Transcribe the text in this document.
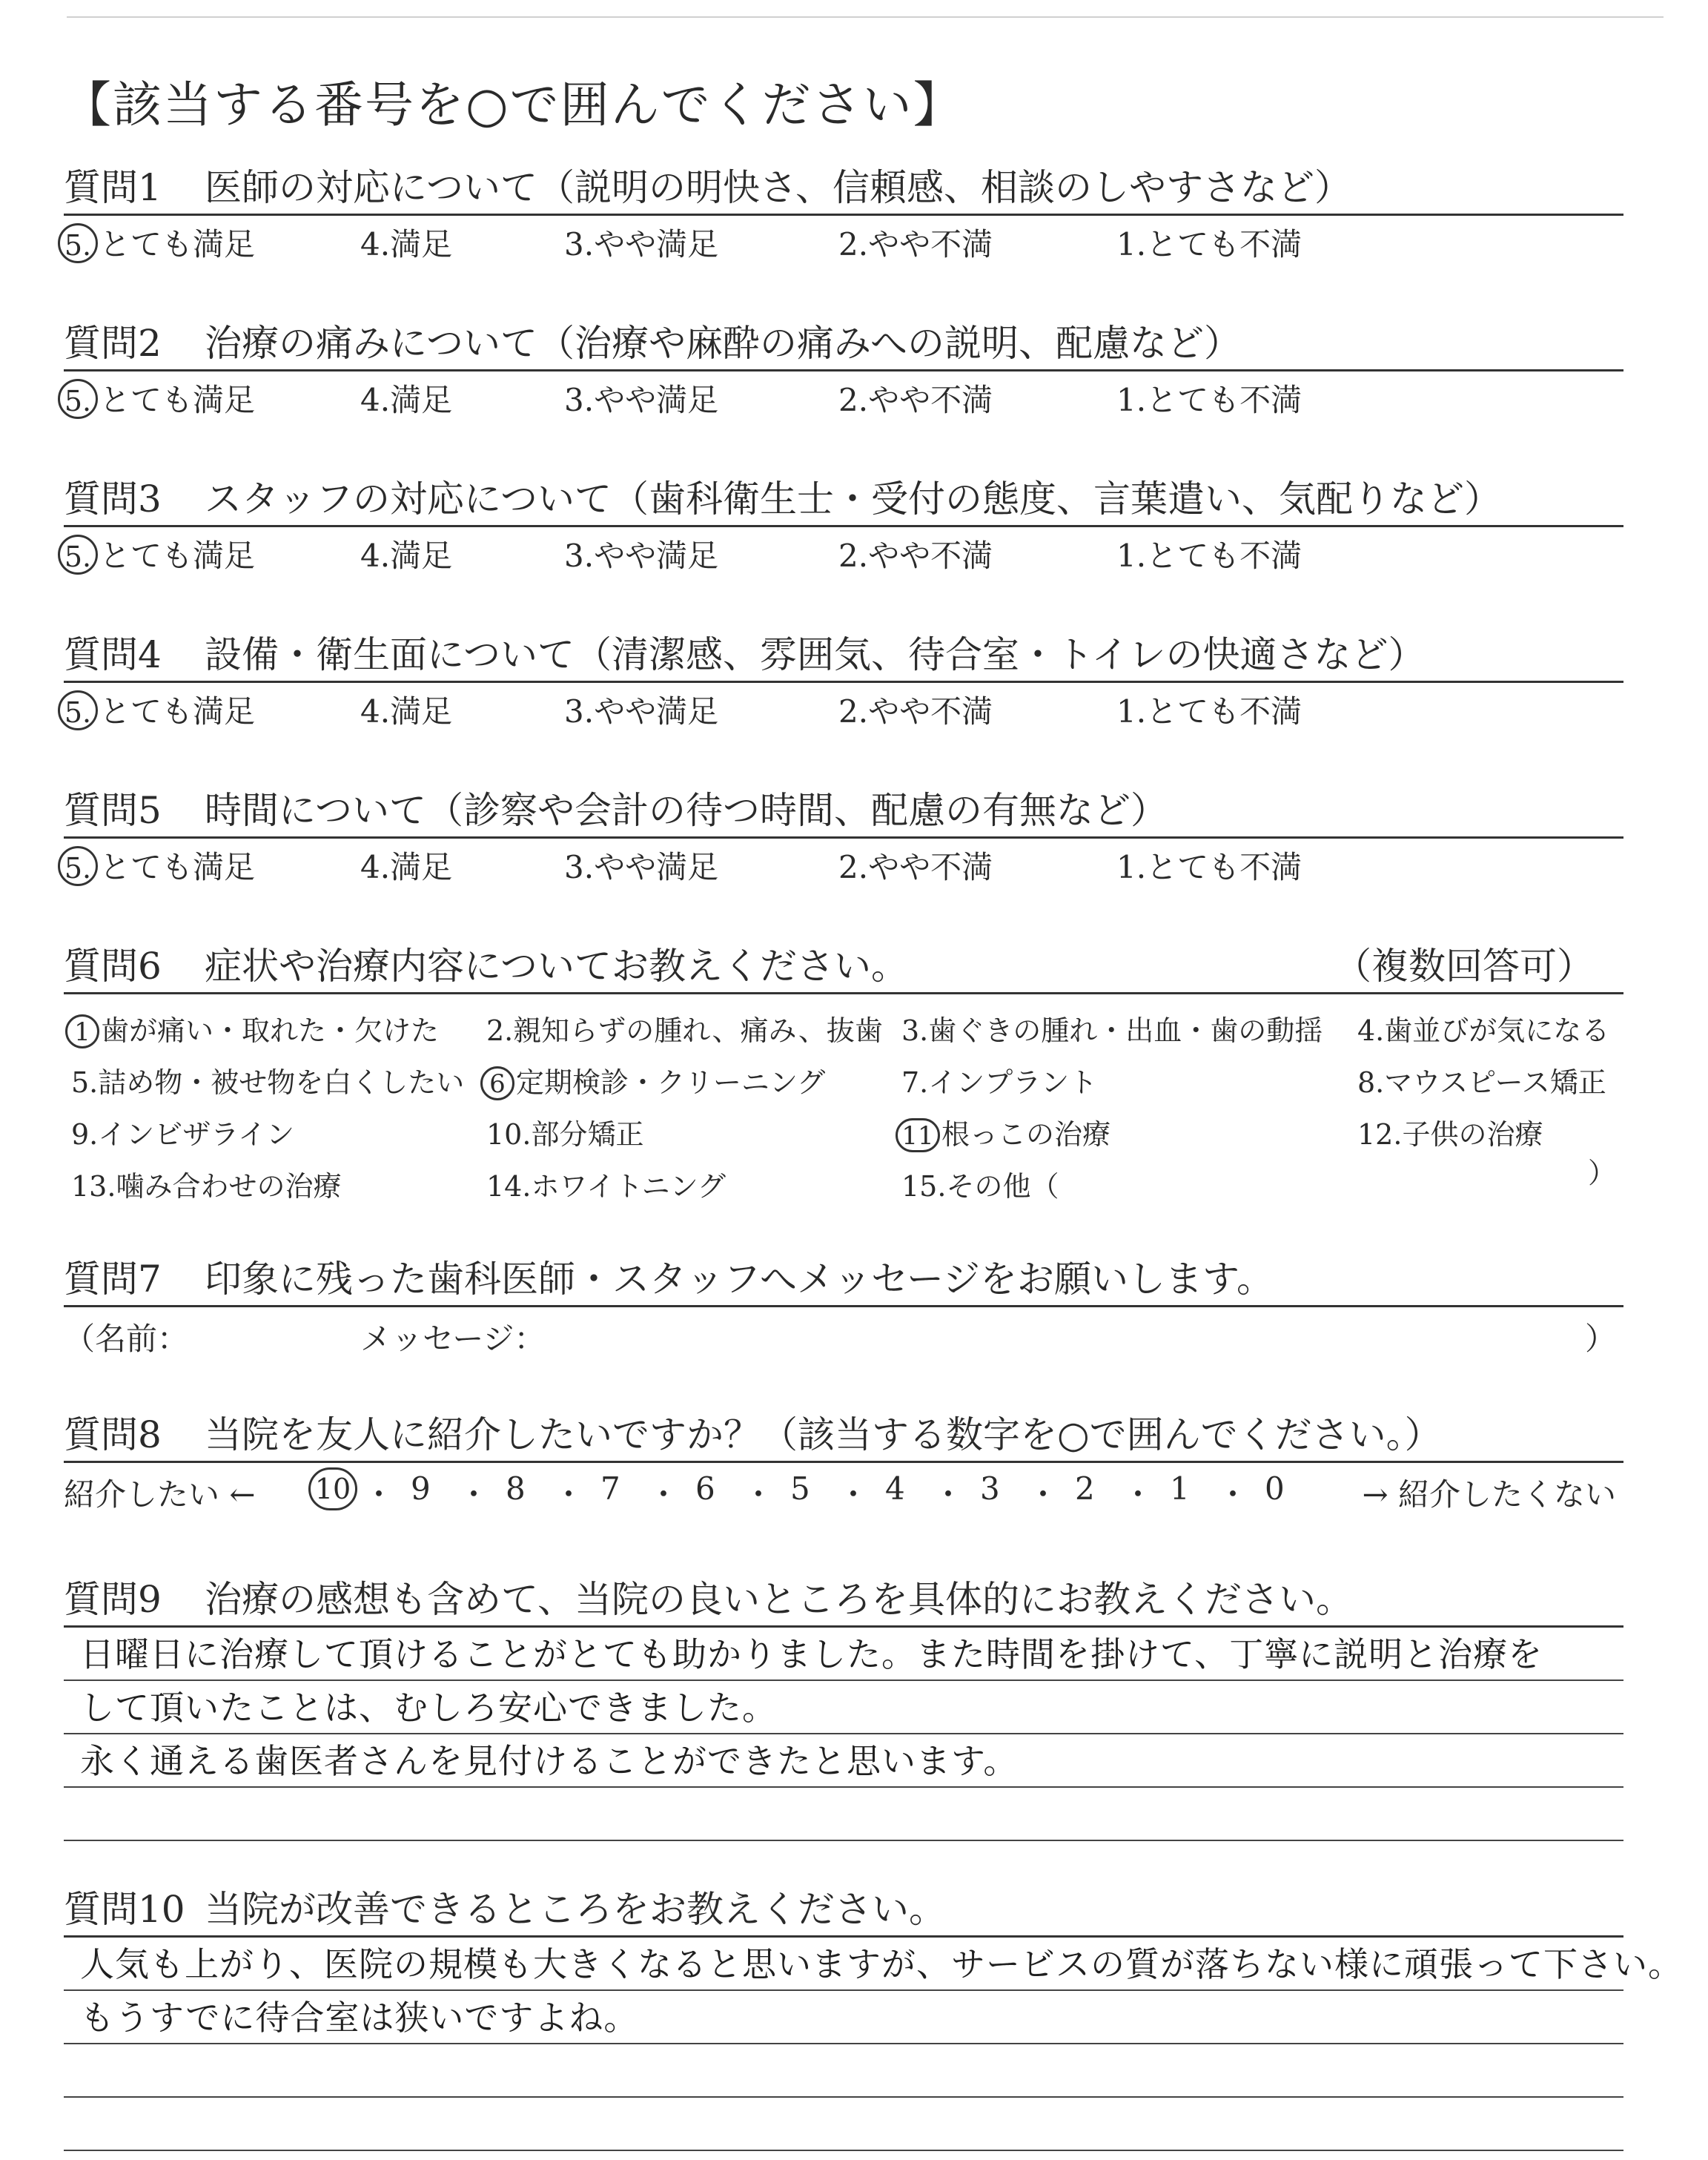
【該当する番号を○で囲んでください】
質問1 医師の対応について（説明の明快さ、信頼感、相談のしやすさなど）
5. とても満足	4.満足	3.やや満足	2.やや不満	1.とても不満
質問2 治療の痛みについて（治療や麻酔の痛みへの説明、配慮など）
5. とても満足	4.満足	3.やや満足	2.やや不満	1.とても不満
質問3 スタッフの対応について（歯科衛生士・受付の態度、言葉遣い、気配りなど）
5. とても満足	4.満足	3.やや満足	2.やや不満	1.とても不満
質問4 設備・衛生面について（清潔感、雰囲気、待合室・トイレの快適さなど）
5. とても満足	4.満足	3.やや満足	2.やや不満	1.とても不満
質問5 時間について（診察や会計の待つ時間、配慮の有無など）
5. とても満足	4.満足	3.やや満足	2.やや不満	1.とても不満
質問6 症状や治療内容についてお教えください。	（複数回答可）
）
1 歯が痛い・取れた・欠けた 2.親知らずの腫れ、痛み、抜歯 3.歯ぐきの腫れ・出血・歯の動揺 4.歯並びが気になる
5.詰め物・被せ物を白くしたい 6 定期検診・クリーニング	7.インプラント	8.マウスピース矯正
9.インビザライン	10.部分矯正	11 根っこの治療	12.子供の治療
13.噛み合わせの治療	14.ホワイトニング	15.その他（
質問7 印象に残った歯科医師・スタッフへメッセージをお願いします。
（名前：	メッセージ：	）
質問8 当院を友人に紹介したいですか？（該当する数字を○で囲んでください。）
紹介したい ←	→ 紹介したくない
10 ・ 9 ・ 8 ・ 7 ・ 6 ・ 5 ・ 4 ・ 3 ・ 2 ・ 1 ・ 0
質問9 治療の感想も含めて、当院の良いところを具体的にお教えください。
日曜日に治療して頂けることがとても助かりました。また時間を掛けて、丁寧に説明と治療を
して頂いたことは、むしろ安心できました。
永く通える歯医者さんを見付けることができたと思います。
質問10 当院が改善できるところをお教えください。
人気も上がり、医院の規模も大きくなると思いますが、サービスの質が落ちない様に頑張って下さい。
もうすでに待合室は狭いですよね。
